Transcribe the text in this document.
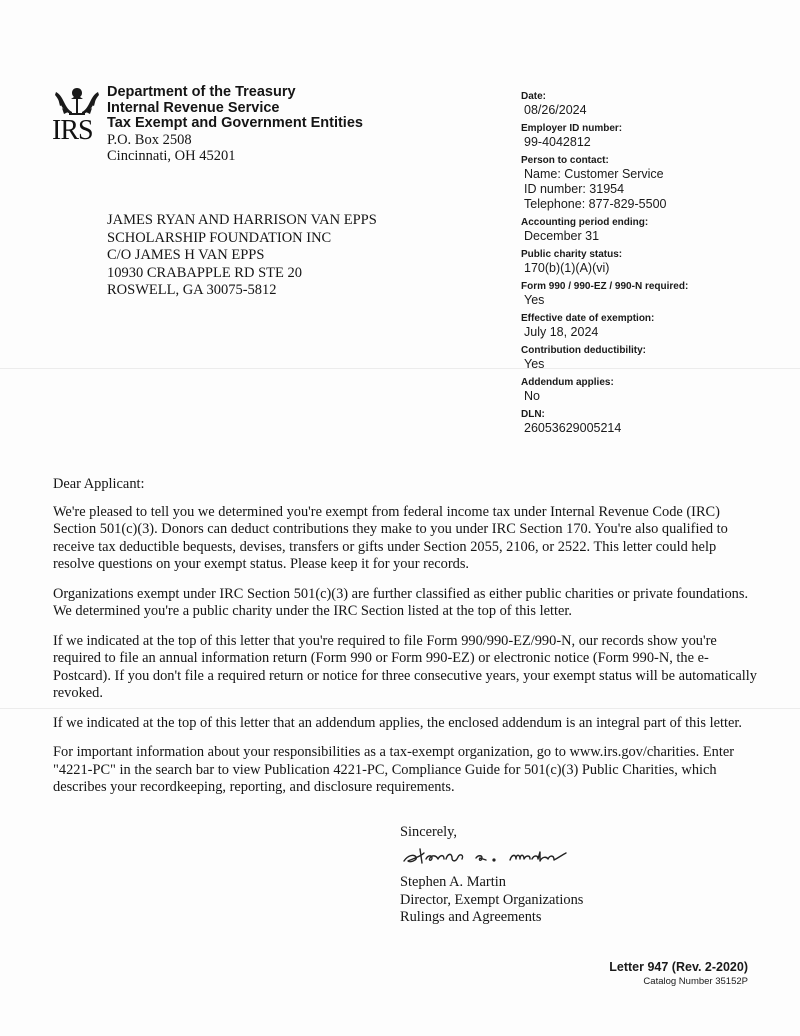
IRS
Department of the Treasury
Internal Revenue Service
Tax Exempt and Government Entities
P.O. Box 2508
Cincinnati, OH 45201
JAMES RYAN AND HARRISON VAN EPPS
SCHOLARSHIP FOUNDATION INC
C/O JAMES H VAN EPPS
10930 CRABAPPLE RD STE 20
ROSWELL, GA 30075-5812
Date:
08/26/2024
Employer ID number:
99-4042812
Person to contact:
Name: Customer Service
ID number: 31954
Telephone: 877-829-5500
Accounting period ending:
December 31
Public charity status:
170(b)(1)(A)(vi)
Form 990 / 990-EZ / 990-N required:
Yes
Effective date of exemption:
July 18, 2024
Contribution deductibility:
Yes
Addendum applies:
No
DLN:
26053629005214

Dear Applicant:

We're pleased to tell you we determined you're exempt from federal income tax under Internal Revenue Code (IRC) Section 501(c)(3). Donors can deduct contributions they make to you under IRC Section 170. You're also qualified to receive tax deductible bequests, devises, transfers or gifts under Section 2055, 2106, or 2522. This letter could help resolve questions on your exempt status. Please keep it for your records.

Organizations exempt under IRC Section 501(c)(3) are further classified as either public charities or private foundations. We determined you're a public charity under the IRC Section listed at the top of this letter.

If we indicated at the top of this letter that you're required to file Form 990/990-EZ/990-N, our records show you're required to file an annual information return (Form 990 or Form 990-EZ) or electronic notice (Form 990-N, the e-Postcard). If you don't file a required return or notice for three consecutive years, your exempt status will be automatically revoked.

If we indicated at the top of this letter that an addendum applies, the enclosed addendum is an integral part of this letter.

For important information about your responsibilities as a tax-exempt organization, go to www.irs.gov/charities. Enter "4221-PC" in the search bar to view Publication 4221-PC, Compliance Guide for 501(c)(3) Public Charities, which describes your recordkeeping, reporting, and disclosure requirements.

Sincerely,
Stephen A. Martin
Director, Exempt Organizations
Rulings and Agreements
Letter 947 (Rev. 2-2020)
Catalog Number 35152P
